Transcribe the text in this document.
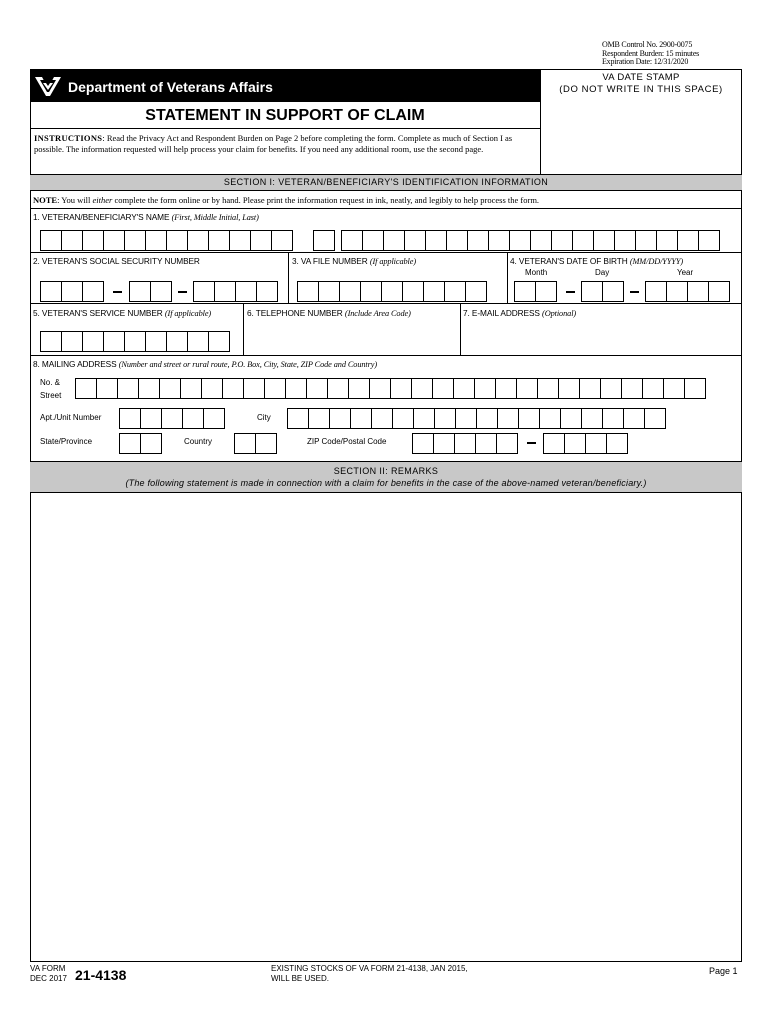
OMB Control No. 2900-0075
Respondent Burden: 15 minutes
Expiration Date: 12/31/2020
Department of Veterans Affairs
VA DATE STAMP
(DO NOT WRITE IN THIS SPACE)
STATEMENT IN SUPPORT OF CLAIM
INSTRUCTIONS: Read the Privacy Act and Respondent Burden on Page 2 before completing the form. Complete as much of Section I as possible. The information requested will help process your claim for benefits. If you need any additional room, use the second page.
SECTION I: VETERAN/BENEFICIARY'S IDENTIFICATION INFORMATION
NOTE: You will either complete the form online or by hand. Please print the information request in ink, neatly, and legibly to help process the form.
1. VETERAN/BENEFICIARY'S NAME (First, Middle Initial, Last)
2. VETERAN'S SOCIAL SECURITY NUMBER	3. VA FILE NUMBER (If applicable)	4. VETERAN'S DATE OF BIRTH (MM/DD/YYYY)
Month	Day	Year
5. VETERAN'S SERVICE NUMBER (If applicable)	6. TELEPHONE NUMBER (Include Area Code)	7. E-MAIL ADDRESS (Optional)
8. MAILING ADDRESS (Number and street or rural route, P.O. Box, City, State, ZIP Code and Country)
No. &
Street
Apt./Unit Number	City
State/Province	Country	ZIP Code/Postal Code
SECTION II: REMARKS
(The following statement is made in connection with a claim for benefits in the case of the above-named veteran/beneficiary.)
VA FORM
DEC 2017 21-4138	EXISTING STOCKS OF VA FORM 21-4138, JAN 2015,
WILL BE USED.
Page 1
